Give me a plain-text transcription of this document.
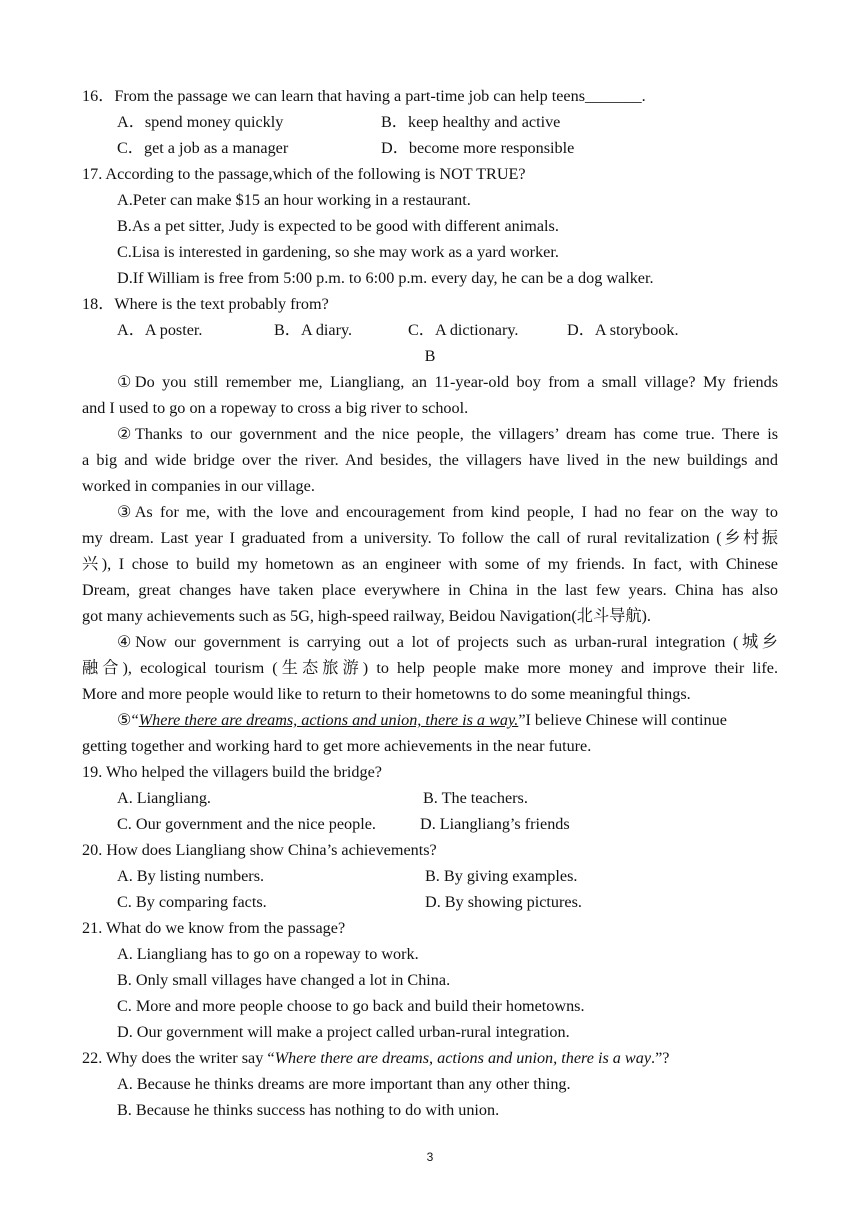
16．From the passage we can learn that having a part-time job can help teens_______.
A．spend money quickly	B．keep healthy and active
C．get a job as a manager	D．become more responsible
17. According to the passage,which of the following is NOT TRUE?
A.Peter can make $15 an hour working in a restaurant.
B.As a pet sitter, Judy is expected to be good with different animals.
C.Lisa is interested in gardening, so she may work as a yard worker.
D.If William is free from 5:00 p.m. to 6:00 p.m. every day, he can be a dog walker.
18．Where is the text probably from?
A．A poster.	B．A diary.	C．A dictionary.	D．A storybook.
B
①Do you still remember me, Liangliang, an 11-year-old boy from a small village? My friends
and I used to go on a ropeway to cross a big river to school.
②Thanks to our government and the nice people, the villagers’ dream has come true. There is
a big and wide bridge over the river. And besides, the villagers have lived in the new buildings and
worked in companies in our village.
③As for me, with the love and encouragement from kind people, I had no fear on the way to
my dream. Last year I graduated from a university. To follow the call of rural revitalization (乡村振
兴), I chose to build my hometown as an engineer with some of my friends. In fact, with Chinese
Dream, great changes have taken place everywhere in China in the last few years. China has also
got many achievements such as 5G, high-speed railway, Beidou Navigation(北斗导航).
④Now our government is carrying out a lot of projects such as urban-rural integration (城乡
融合), ecological tourism (生态旅游) to help people make more money and improve their life.
More and more people would like to return to their hometowns to do some meaningful things.
⑤“Where there are dreams, actions and union, there is a way.”I believe Chinese will continue
getting together and working hard to get more achievements in the near future.
19. Who helped the villagers build the bridge?
A. Liangliang.	B. The teachers.
C. Our government and the nice people.	D. Liangliang’s friends
20. How does Liangliang show China’s achievements?
A. By listing numbers.	B. By giving examples.
C. By comparing facts.	D. By showing pictures.
21. What do we know from the passage?
A. Liangliang has to go on a ropeway to work.
B. Only small villages have changed a lot in China.
C. More and more people choose to go back and build their hometowns.
D. Our government will make a project called urban-rural integration.
22. Why does the writer say “Where there are dreams, actions and union, there is a way.”?
A. Because he thinks dreams are more important than any other thing.
B. Because he thinks success has nothing to do with union.
3
